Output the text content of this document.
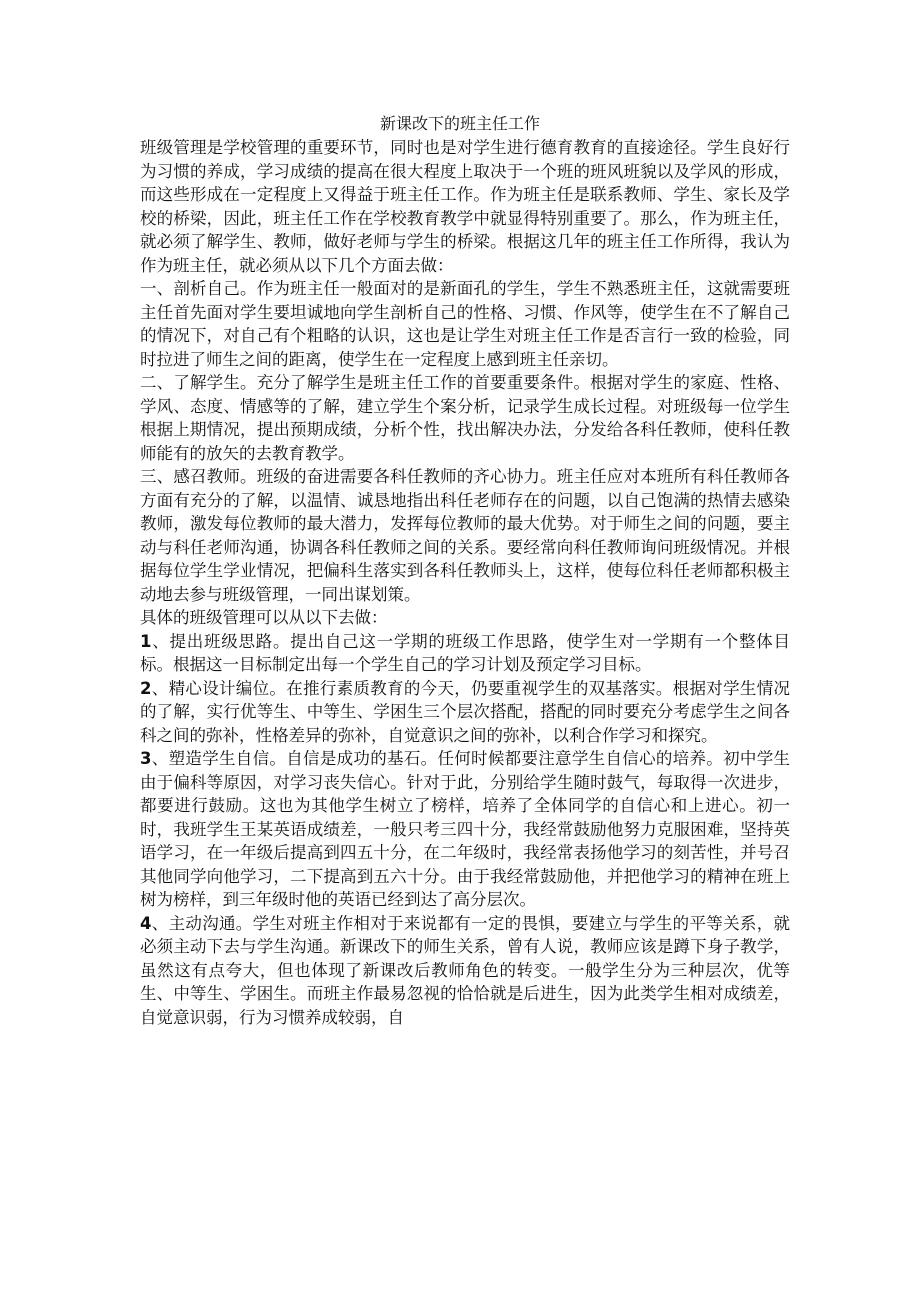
新课改下的班主任工作

班级管理是学校管理的重要环节，同时也是对学生进行德育教育的直接途径。学生良好行为习惯的养成，学习成绩的提高在很大程度上取决于一个班的班风班貌以及学风的形成，而这些形成在一定程度上又得益于班主任工作。作为班主任是联系教师、学生、家长及学校的桥梁，因此，班主任工作在学校教育教学中就显得特别重要了。那么，作为班主任，就必须了解学生、教师，做好老师与学生的桥梁。根据这几年的班主任工作所得，我认为作为班主任，就必须从以下几个方面去做：

一、剖析自己。作为班主任一般面对的是新面孔的学生，学生不熟悉班主任，这就需要班主任首先面对学生要坦诚地向学生剖析自己的性格、习惯、作风等，使学生在不了解自己的情况下，对自己有个粗略的认识，这也是让学生对班主任工作是否言行一致的检验，同时拉进了师生之间的距离，使学生在一定程度上感到班主任亲切。

二、了解学生。充分了解学生是班主任工作的首要重要条件。根据对学生的家庭、性格、学风、态度、情感等的了解，建立学生个案分析，记录学生成长过程。对班级每一位学生根据上期情况，提出预期成绩，分析个性，找出解决办法，分发给各科任教师，使科任教师能有的放矢的去教育教学。

三、感召教师。班级的奋进需要各科任教师的齐心协力。班主任应对本班所有科任教师各方面有充分的了解，以温情、诚恳地指出科任老师存在的问题，以自己饱满的热情去感染教师，激发每位教师的最大潜力，发挥每位教师的最大优势。对于师生之间的问题，要主动与科任老师沟通，协调各科任教师之间的关系。要经常向科任教师询问班级情况。并根据每位学生学业情况，把偏科生落实到各科任教师头上，这样，使每位科任老师都积极主动地去参与班级管理，一同出谋划策。

具体的班级管理可以从以下去做：

1、提出班级思路。提出自己这一学期的班级工作思路，使学生对一学期有一个整体目标。根据这一目标制定出每一个学生自己的学习计划及预定学习目标。

2、精心设计编位。在推行素质教育的今天，仍要重视学生的双基落实。根据对学生情况的了解，实行优等生、中等生、学困生三个层次搭配，搭配的同时要充分考虑学生之间各科之间的弥补，性格差异的弥补，自觉意识之间的弥补，以利合作学习和探究。

3、塑造学生自信。自信是成功的基石。任何时候都要注意学生自信心的培养。初中学生由于偏科等原因，对学习丧失信心。针对于此，分别给学生随时鼓气，每取得一次进步，都要进行鼓励。这也为其他学生树立了榜样，培养了全体同学的自信心和上进心。初一时，我班学生王某英语成绩差，一般只考三四十分，我经常鼓励他努力克服困难，坚持英语学习，在一年级后提高到四五十分，在二年级时，我经常表扬他学习的刻苦性，并号召其他同学向他学习，二下提高到五六十分。由于我经常鼓励他，并把他学习的精神在班上树为榜样，到三年级时他的英语已经到达了高分层次。

4、主动沟通。学生对班主作相对于来说都有一定的畏惧，要建立与学生的平等关系，就必须主动下去与学生沟通。新课改下的师生关系，曾有人说，教师应该是蹲下身子教学，虽然这有点夸大，但也体现了新课改后教师角色的转变。一般学生分为三种层次，优等生、中等生、学困生。而班主作最易忽视的恰恰就是后进生，因为此类学生相对成绩差，自觉意识弱，行为习惯养成较弱，自
